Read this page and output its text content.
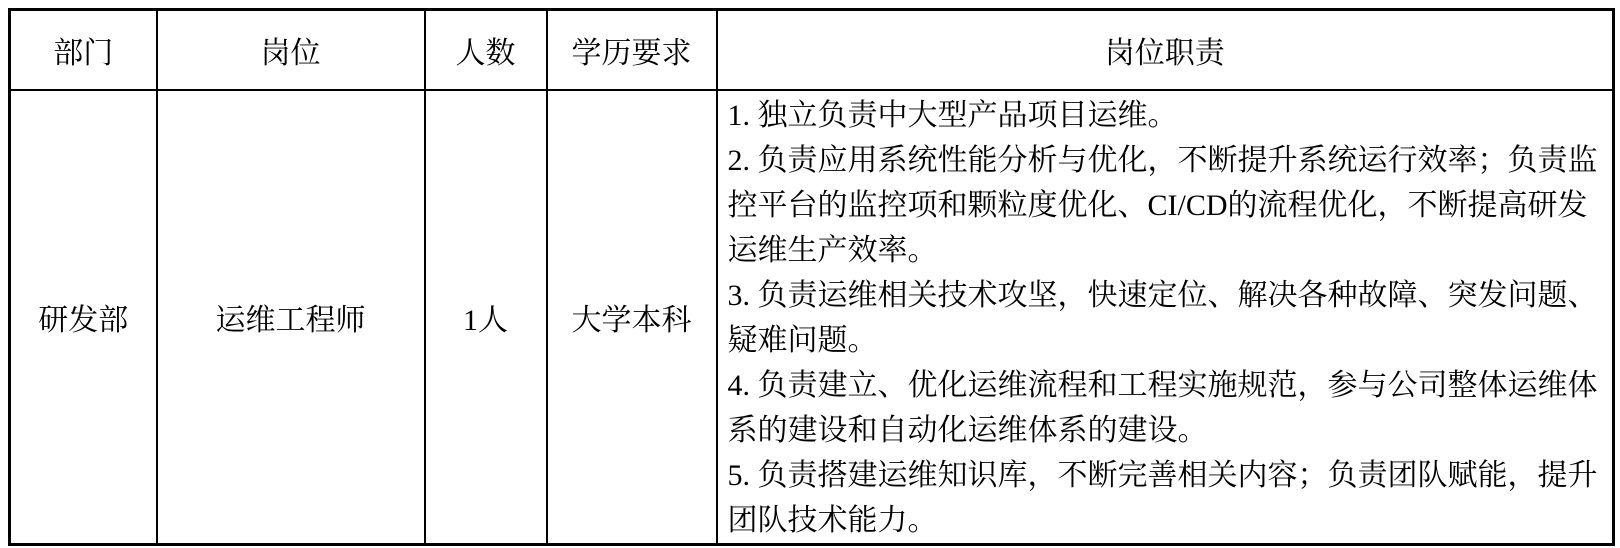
部门	岗位	人数	学历要求	岗位职责
研发部	运维工程师	1人	大学本科	1. 独立负责中大型产品项目运维。

2. 负责应用系统性能分析与优化，不断提升系统运行效率；负责监控平台的监控项和颗粒度优化、CI/CD的流程优化，不断提高研发运维生产效率。

3. 负责运维相关技术攻坚，快速定位、解决各种故障、突发问题、疑难问题。

4. 负责建立、优化运维流程和工程实施规范，参与公司整体运维体系的建设和自动化运维体系的建设。

5. 负责搭建运维知识库，不断完善相关内容；负责团队赋能，提升团队技术能力。
